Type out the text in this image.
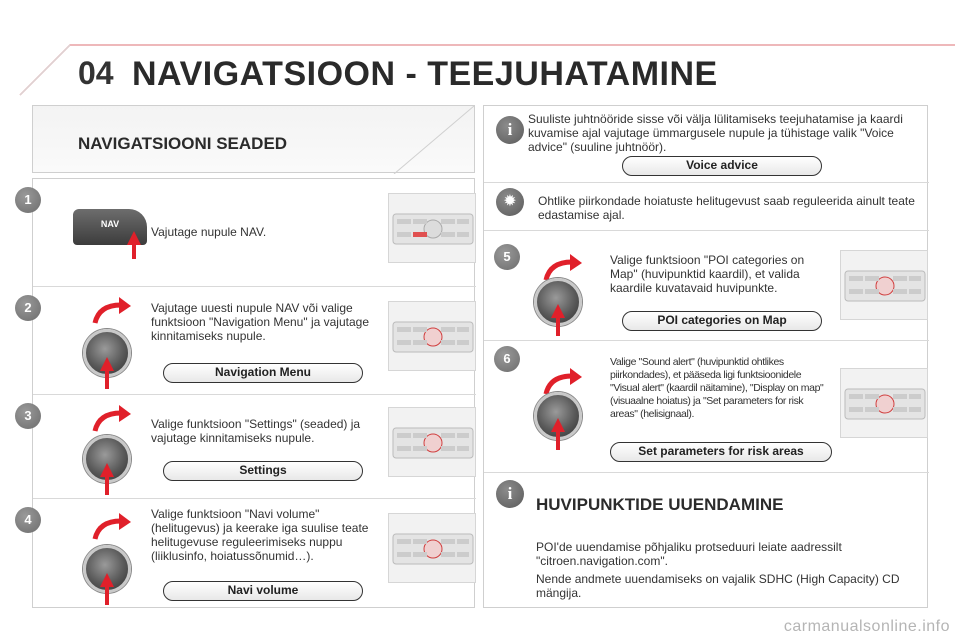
04 NAVIGATSIOON - TEEJUHATAMINE
NAVIGATSIOONI SEADED
1
NAV
Vajutage nupule NAV.
2	Vajutage uuesti nupule NAV või valige funktsioon "Navigation Menu" ja vajutage kinnitamiseks nupule.
Navigation Menu
3
Valige funktsioon "Settings" (seaded) ja vajutage kinnitamiseks nupule.
Settings
4	Valige funktsioon "Navi volume" (helitugevus) ja keerake iga suulise teate helitugevuse reguleerimiseks nuppu (liiklusinfo, hoiatussõnumid…).
Navi volume
i
Suuliste juhtnööride sisse või välja lülitamiseks teejuhatamise ja kaardi kuvamise ajal vajutage ümmargusele nupule ja tühistage valik "Voice advice" (suuline juhtnöör).
Voice advice
✹	Ohtlike piirkondade hoiatuste helitugevust saab reguleerida ainult teate edastamise ajal.
5	Valige funktsioon "POI categories on Map" (huvipunktid kaardil), et valida kaardile kuvatavaid huvipunkte.
POI categories on Map
6	Valige "Sound alert" (huvipunktid ohtlikes piirkondades), et pääseda ligi funktsioonidele "Visual alert" (kaardil näitamine), "Display on map" (visuaalne hoiatus) ja "Set parameters for risk areas" (helisignaal).
Set parameters for risk areas
i
HUVIPUNKTIDE UUENDAMINE
POI'de uuendamise põhjaliku protseduuri leiate aadressilt "citroen.navigation.com".
Nende andmete uuendamiseks on vajalik SDHC (High Capacity) CD mängija.
carmanualsonline.info
